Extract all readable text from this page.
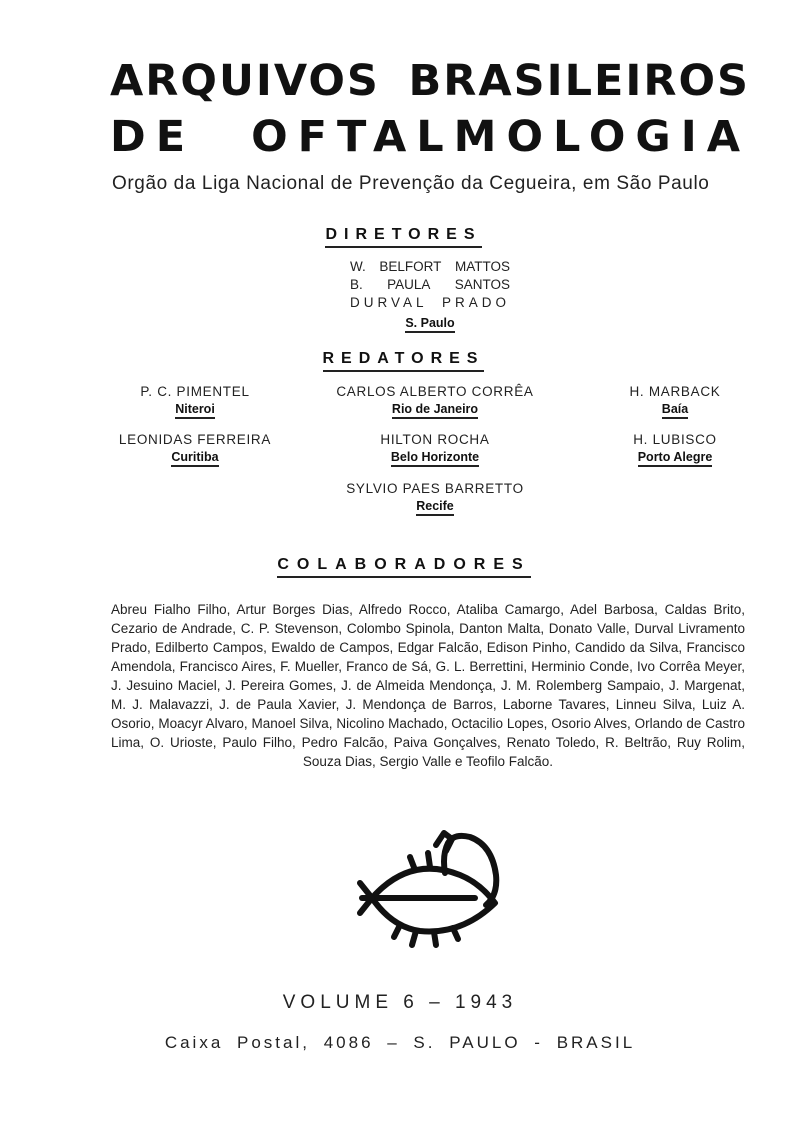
ARQUIVOS BRASILEIROS
DE OFTALMOLOGIA
Orgão da Liga Nacional de Prevenção da Cegueira, em São Paulo
DIRETORES
W. BELFORT MATTOS
B. PAULA SANTOS
DURVAL PRADO
S. Paulo
REDATORES
P. C. PIMENTEL
Niteroi
CARLOS ALBERTO CORRÊA
Rio de Janeiro
H. MARBACK
Baía
LEONIDAS FERREIRA
Curitiba
HILTON ROCHA
Belo Horizonte
H. LUBISCO
Porto Alegre
SYLVIO PAES BARRETTO
Recife
COLABORADORES
Abreu Fialho Filho, Artur Borges Dias, Alfredo Rocco, Ataliba Camargo, Adel Barbosa, Caldas Brito, Cezario de Andrade, C. P. Stevenson, Colombo Spinola, Danton Malta, Donato Valle, Durval Livramento Prado, Edilberto Campos, Ewaldo de Campos, Edgar Falcão, Edison Pinho, Candido da Silva, Francisco Amendola, Francisco Aires, F. Mueller, Franco de Sá, G. L. Berrettini, Herminio Conde, Ivo Corrêa Meyer, J. Jesuino Maciel, J. Pereira Gomes, J. de Almeida Mendonça, J. M. Rolemberg Sampaio, J. Margenat, M. J. Malavazzi, J. de Paula Xavier, J. Mendonça de Barros, Laborne Tavares, Linneu Silva, Luiz A. Osorio, Moacyr Alvaro, Manoel Silva, Nicolino Machado, Octacilio Lopes, Osorio Alves, Orlando de Castro Lima, O. Urioste, Paulo Filho, Pedro Falcão, Paiva Gonçalves, Renato Toledo, R. Beltrão, Ruy Rolim, Souza Dias, Sergio Valle e Teofilo Falcão.
VOLUME 6 – 1943
Caixa Postal, 4086 – S. PAULO - BRASIL
